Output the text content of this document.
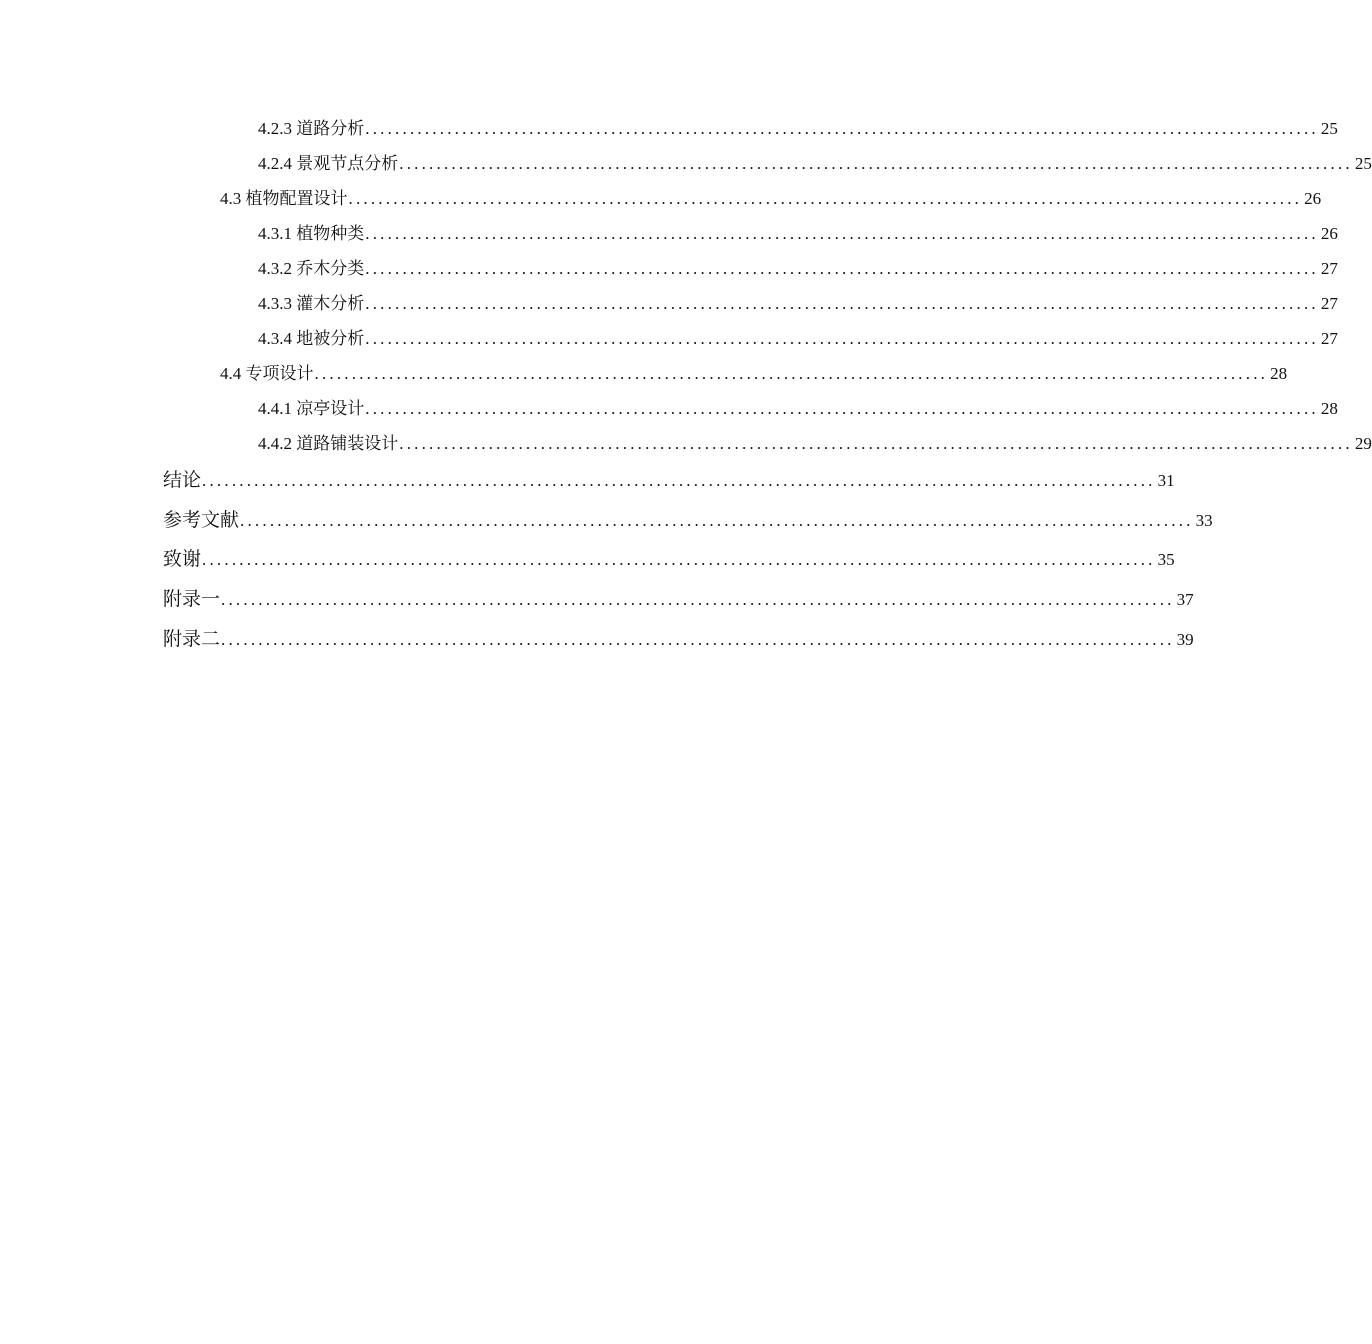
4.2.3 道路分析 ................................................................................................................................ 25
4.2.4 景观节点分析 ................................................................................................................................ 25
4.3 植物配置设计 ................................................................................................................................ 26
4.3.1 植物种类 ................................................................................................................................ 26
4.3.2 乔木分类 ................................................................................................................................ 27
4.3.3 灌木分析 ................................................................................................................................ 27
4.3.4 地被分析 ................................................................................................................................ 27
4.4 专项设计 ................................................................................................................................ 28
4.4.1 凉亭设计 ................................................................................................................................ 28
4.4.2 道路铺装设计 ................................................................................................................................ 29
结论 ................................................................................................................................ 31
参考文献 ................................................................................................................................ 33
致谢 ................................................................................................................................ 35
附录一 ................................................................................................................................ 37
附录二 ................................................................................................................................ 39
